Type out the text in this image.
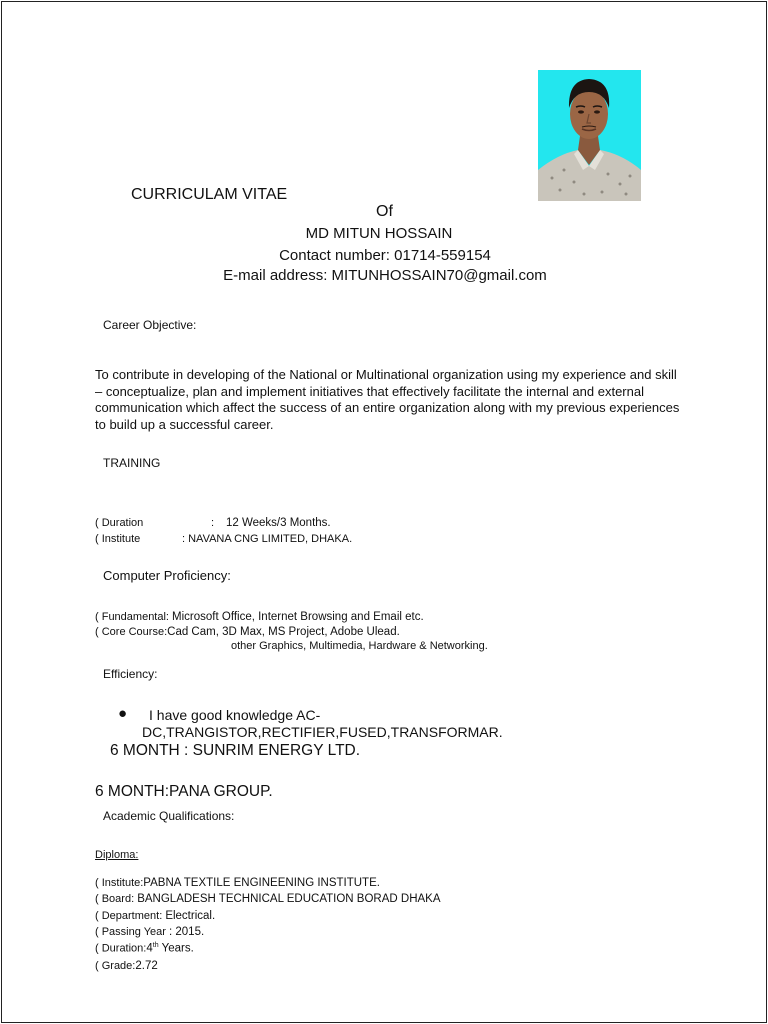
CURRICULAM VITAE
Of
MD MITUN HOSSAIN
Contact number: 01714-559154
E-mail address: MITUNHOSSAIN70@gmail.com
Career Objective:
To contribute in developing of the National or Multinational organization using my experience and skill – conceptualize, plan and implement initiatives that effectively facilitate the internal and external communication which affect the success of an entire organization along with my previous experiences to build up a successful career.
TRAINING
( Duration	: 12 Weeks/3 Months.
( Institute	: NAVANA CNG LIMITED, DHAKA.
Computer Proficiency:
( Fundamental: Microsoft Office, Internet Browsing and Email etc.
( Core Course:Cad Cam, 3D Max, MS Project, Adobe Ulead.
other Graphics, Multimedia, Hardware & Networking.
Efficiency:
● I have good knowledge AC-
DC,TRANGISTOR,RECTIFIER,FUSED,TRANSFORMAR.
6 MONTH : SUNRIM ENERGY LTD.
6 MONTH:PANA GROUP.
Academic Qualifications:
Diploma:
( Institute:PABNA TEXTILE ENGINEENING INSTITUTE.
( Board: BANGLADESH TECHNICAL EDUCATION BORAD DHAKA
( Department: Electrical.
( Passing Year : 2015.
( Duration:4th Years.
( Grade:2.72
